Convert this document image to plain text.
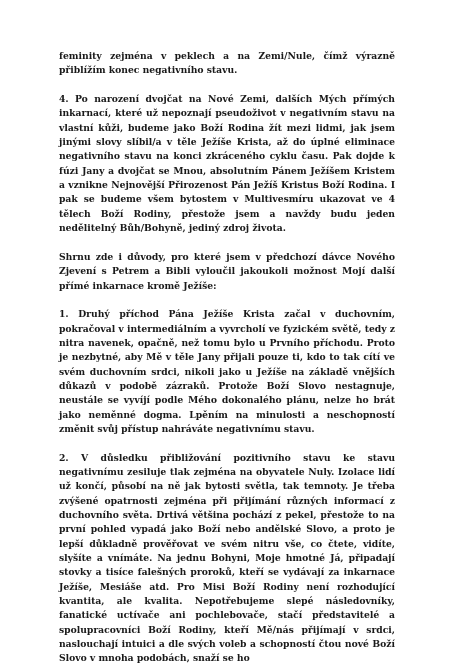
feminity zejména v peklech a na Zemi/Nule, čímž výrazně přiblížím konec negativního stavu.

4. Po narození dvojčat na Nové Zemi, dalších Mých přímých inkarnací, které už nepoznají pseudoživot v negativním stavu na vlastní kůži, budeme jako Boží Rodina žít mezi lidmi, jak jsem jinými slovy slíbil/a v těle Ježíše Krista, až do úplné eliminace negativního stavu na konci zkráceného cyklu času. Pak dojde k fúzi Jany a dvojčat se Mnou, absolutním Pánem Ježíšem Kristem a vznikne Nejnovější Přirozenost Pán Ježíš Kristus Boží Rodina. I pak se budeme všem bytostem v Multivesmíru ukazovat ve 4 tělech Boží Rodiny, přestože jsem a navždy budu jeden nedělitelný Bůh/Bohyně, jediný zdroj života.

Shrnu zde i důvody, pro které jsem v předchozí dávce Nového Zjevení s Petrem a Bibli vyloučil jakoukoli možnost Mojí další přímé inkarnace kromě Ježíše:

1. Druhý příchod Pána Ježíše Krista začal v duchovním, pokračoval v intermediálním a vyvrcholí ve fyzickém světě, tedy z nitra navenek, opačně, než tomu bylo u Prvního příchodu. Proto je nezbytné, aby Mě v těle Jany přijali pouze ti, kdo to tak cítí ve svém duchovním srdci, nikoli jako u Ježíše na základě vnějších důkazů v podobě zázraků. Protože Boží Slovo nestagnuje, neustále se vyvíjí podle Mého dokonalého plánu, nelze ho brát jako neměnné dogma. Lpěním na minulosti a neschopností změnit svůj přístup nahráváte negativnímu stavu.

2. V důsledku přibližování pozitivního stavu ke stavu negativnímu zesiluje tlak zejména na obyvatele Nuly. Izolace lidí už končí, působí na ně jak bytosti světla, tak temnoty. Je třeba zvýšené opatrnosti zejména při přijímání různých informací z duchovního světa. Drtivá většina pochází z pekel, přestože to na první pohled vypadá jako Boží nebo andělské Slovo, a proto je lepší důkladně prověřovat ve svém nitru vše, co čtete, vidíte, slyšíte a vnímáte. Na jednu Bohyni, Moje hmotné Já, připadají stovky a tisíce falešných proroků, kteří se vydávají za inkarnace Ježíše, Mesiáše atd. Pro Misi Boží Rodiny není rozhodující kvantita, ale kvalita. Nepotřebujeme slepé následovníky, fanatické uctívače ani pochlebovače, stačí představitelé a spolupracovníci Boží Rodiny, kteří Mě/nás přijímají v srdci, naslouchají intuici a dle svých voleb a schopností čtou nové Boží Slovo v mnoha podobách, snaží se ho
